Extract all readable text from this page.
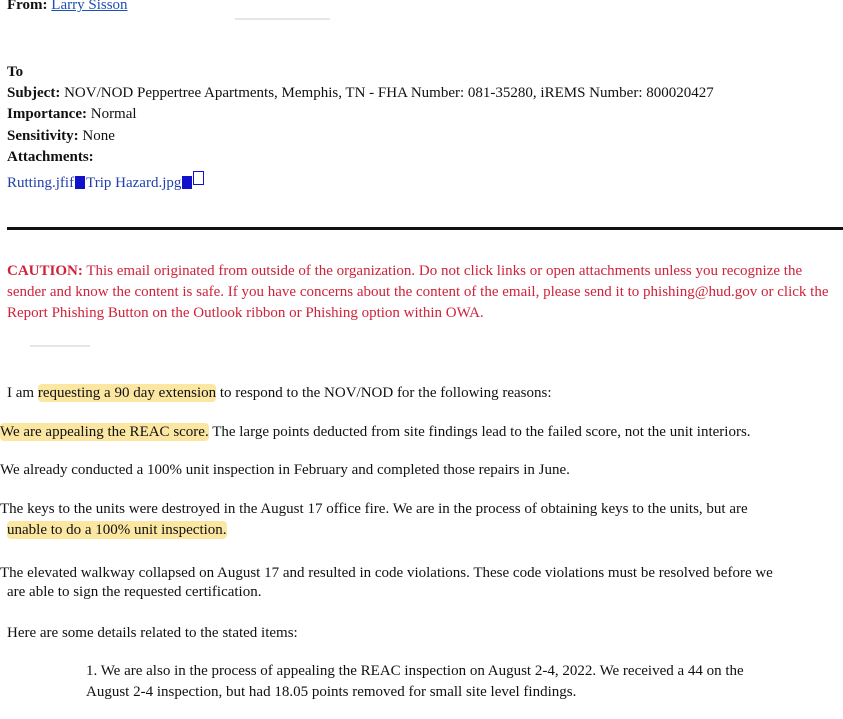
From: Larry Sisson
To
Subject: NOV/NOD Peppertree Apartments, Memphis, TN - FHA Number: 081-35280, iREMS Number: 800020427
Importance: Normal
Sensitivity: None
Attachments:
Rutting.jfif Trip Hazard.jpg
CAUTION: This email originated from outside of the organization. Do not click links or open attachments unless you recognize the sender and know the content is safe. If you have concerns about the content of the email, please send it to phishing@hud.gov or click the Report Phishing Button on the Outlook ribbon or Phishing option within OWA.
I am requesting a 90 day extension to respond to the NOV/NOD for the following reasons:
We are appealing the REAC score. The large points deducted from site findings lead to the failed score, not the unit interiors.
We already conducted a 100% unit inspection in February and completed those repairs in June.
The keys to the units were destroyed in the August 17 office fire. We are in the process of obtaining keys to the units, but are
unable to do a 100% unit inspection.
The elevated walkway collapsed on August 17 and resulted in code violations. These code violations must be resolved before we
are able to sign the requested certification.
Here are some details related to the stated items:
1. We are also in the process of appealing the REAC inspection on August 2-4, 2022. We received a 44 on the
August 2-4 inspection, but had 18.05 points removed for small site level findings.
